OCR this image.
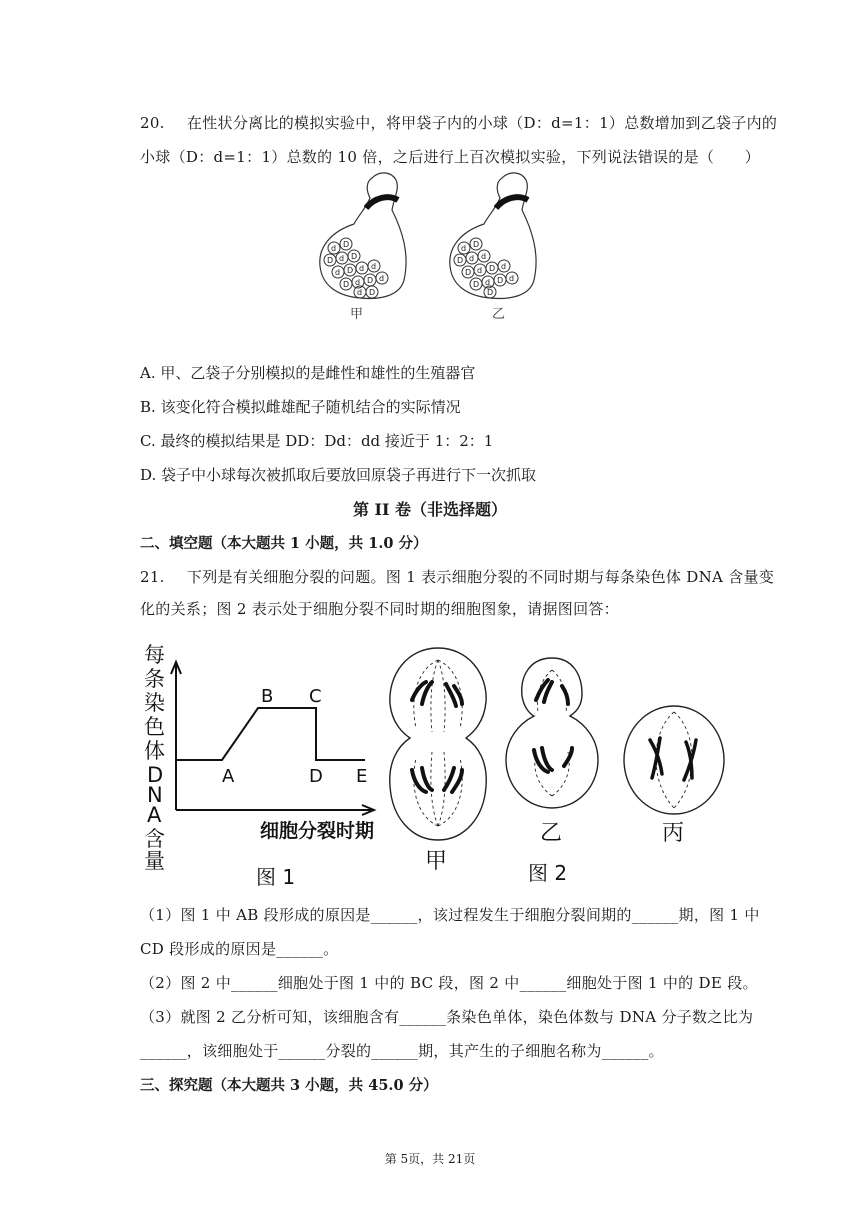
20. 在性状分离比的模拟实验中，将甲袋子内的小球（D：d=1：1）总数增加到乙袋子内的
小球（D：d=1：1）总数的 10 倍，之后进行上百次模拟实验，下列说法错误的是（　　）
d D
D d D
d D d d
D d D d
d D
甲
d D
D d d
D d D d
D d D d
D
乙
A. 甲、乙袋子分别模拟的是雌性和雄性的生殖器官
B. 该变化符合模拟雌雄配子随机结合的实际情况
C. 最终的模拟结果是 DD：Dd：dd 接近于 1：2：1
D. 袋子中小球每次被抓取后要放回原袋子再进行下一次抓取
第 II 卷（非选择题）
二、填空题（本大题共 1 小题，共 1.0 分）
21. 下列是有关细胞分裂的问题。图 1 表示细胞分裂的不同时期与每条染色体 DNA 含量变
化的关系；图 2 表示处于细胞分裂不同时期的细胞图象，请据图回答：
每
条
染
色
体
D
N
A
含
量
A
B C
D E
细胞分裂时期
图 1
甲
乙	丙
图 2
（1）图 1 中 AB 段形成的原因是______，该过程发生于细胞分裂间期的______期，图 1 中
CD 段形成的原因是______。
（2）图 2 中______细胞处于图 1 中的 BC 段，图 2 中______细胞处于图 1 中的 DE 段。
（3）就图 2 乙分析可知，该细胞含有______条染色单体，染色体数与 DNA 分子数之比为
______，该细胞处于______分裂的______期，其产生的子细胞名称为______。
三、探究题（本大题共 3 小题，共 45.0 分）
第 5页，共 21页
